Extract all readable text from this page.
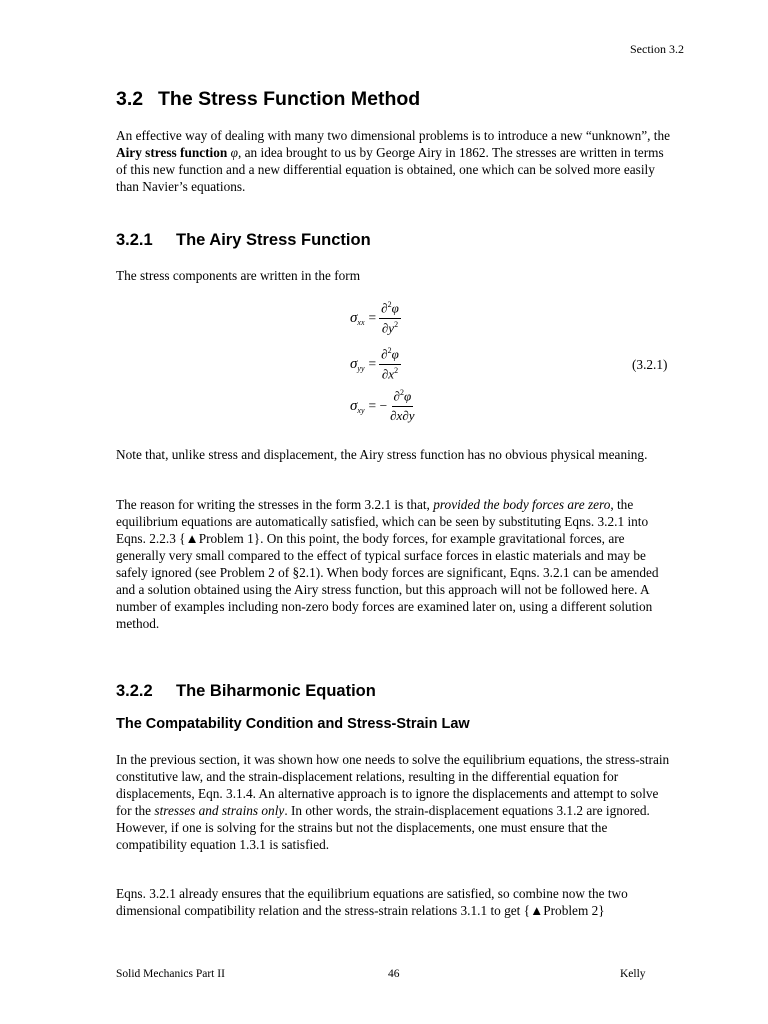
Section 3.2
3.2 The Stress Function Method

An effective way of dealing with many two dimensional problems is to introduce a new “unknown”, the Airy stress function φ, an idea brought to us by George Airy in 1862. The stresses are written in terms of this new function and a new differential equation is obtained, one which can be solved more easily than Navier’s equations.

3.2.1 The Airy Stress Function

The stress components are written in the form

σ xx = $\frac{\partial^2\varphi}{\partial y^2}$
σ yy = $\frac{\partial^2\varphi}{\partial x^2}$
σ xy = − $\frac{\partial^2\varphi}{\partial x\partial y}$
(3.2.1)

Note that, unlike stress and displacement, the Airy stress function has no obvious physical meaning.

The reason for writing the stresses in the form 3.2.1 is that, provided the body forces are zero, the equilibrium equations are automatically satisfied, which can be seen by substituting Eqns. 3.2.1 into Eqns. 2.2.3 {▲Problem 1}. On this point, the body forces, for example gravitational forces, are generally very small compared to the effect of typical surface forces in elastic materials and may be safely ignored (see Problem 2 of §2.1). When body forces are significant, Eqns. 3.2.1 can be amended and a solution obtained using the Airy stress function, but this approach will not be followed here. A number of examples including non-zero body forces are examined later on, using a different solution method.

3.2.2 The Biharmonic Equation
The Compatability Condition and Stress-Strain Law

In the previous section, it was shown how one needs to solve the equilibrium equations, the stress-strain constitutive law, and the strain-displacement relations, resulting in the differential equation for displacements, Eqn. 3.1.4. An alternative approach is to ignore the displacements and attempt to solve for the stresses and strains only. In other words, the strain-displacement equations 3.1.2 are ignored. However, if one is solving for the strains but not the displacements, one must ensure that the compatibility equation 1.3.1 is satisfied.

Eqns. 3.2.1 already ensures that the equilibrium equations are satisfied, so combine now the two dimensional compatibility relation and the stress-strain relations 3.1.1 to get {▲Problem 2}

Solid Mechanics Part II	46	Kelly
